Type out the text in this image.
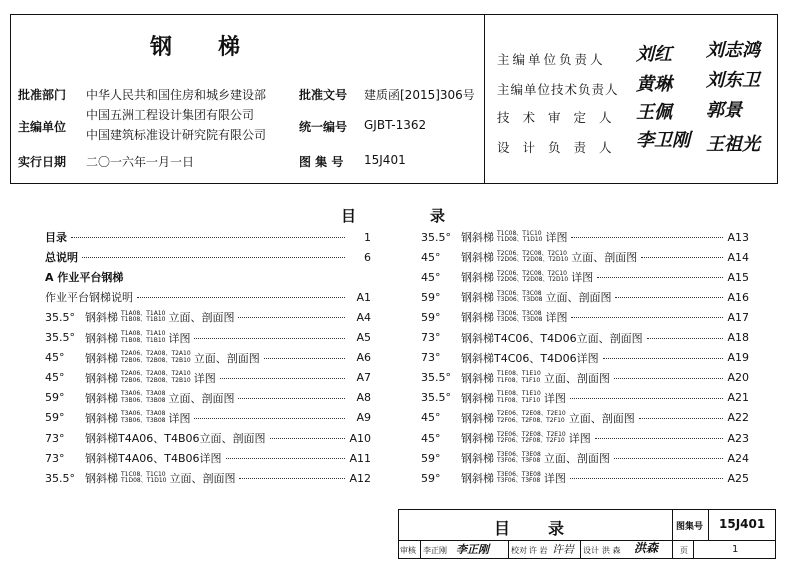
钢梯
批准部门 中华人民共和国住房和城乡建设部
主编单位
中国五洲工程设计集团有限公司
中国建筑标准设计研究院有限公司
实行日期 二〇一六年一月一日
批准文号 建质函[2015]306号
统一编号 GJBT-1362
图 集 号 15J401
主编单位负责人 刘红 刘志鸿
主编单位技术负责人 黄琳 刘东卫
技术审定人 王佩 郭景
设计负责人 李卫刚 王祖光
目	录
目录	1
总说明	6
A 作业平台钢梯
作业平台钢梯说明	A1
35.5° 钢斜梯 T1A08、T1A10
T1B08、T1B10 立面、剖面图	A4
35.5° 钢斜梯 T1A08、T1A10
T1B08、T1B10 详图	A5
45°	钢斜梯 T2A06、T2A08、T2A10
T2B06、T2B08、T2B10 立面、剖面图	A6
45°	钢斜梯 T2A06、T2A08、T2A10
T2B06、T2B08、T2B10 详图	A7
59°	钢斜梯 T3A06、T3A08
T3B06、T3B08 立面、剖面图	A8
59°	钢斜梯 T3A06、T3A08
T3B06、T3B08 详图	A9
73°	钢斜梯T4A06、T4B06立面、剖面图	A10
73°	钢斜梯T4A06、T4B06详图	A11
35.5° 钢斜梯 T1C08、T1C10
T1D08、T1D10 立面、剖面图	A12
35.5° 钢斜梯 T1C08、T1C10
T1D08、T1D10 详图	A13
45°	钢斜梯 T2C06、T2C08、T2C10
T2D06、T2D08、T2D10 立面、剖面图	A14
45°	钢斜梯 T2C06、T2C08、T2C10
T2D06、T2D08、T2D10 详图	A15
59°	钢斜梯 T3C06、T3C08
T3D06、T3D08 立面、剖面图	A16
59°	钢斜梯 T3C06、T3C08
T3D06、T3D08 详图	A17
73°	钢斜梯T4C06、T4D06立面、剖面图	A18
73°	钢斜梯T4C06、T4D06详图	A19
35.5° 钢斜梯 T1E08、T1E10
T1F08、T1F10 立面、剖面图	A20
35.5° 钢斜梯 T1E08、T1E10
T1F08、T1F10 详图	A21
45°	钢斜梯 T2E06、T2E08、T2E10
T2F06、T2F08、T2F10 立面、剖面图	A22
45°	钢斜梯 T2E06、T2E08、T2E10
T2F06、T2F08、T2F10 详图	A23
59°	钢斜梯 T3E06、T3E08
T3F06、T3F08 立面、剖面图	A24
59°	钢斜梯 T3E06、T3E08
T3F06、T3F08 详图	A25
目 录	图集号 15J401
审核 李正刚 李正刚	校对 许 岩 许岩 设计 洪 森 洪森	页	1
